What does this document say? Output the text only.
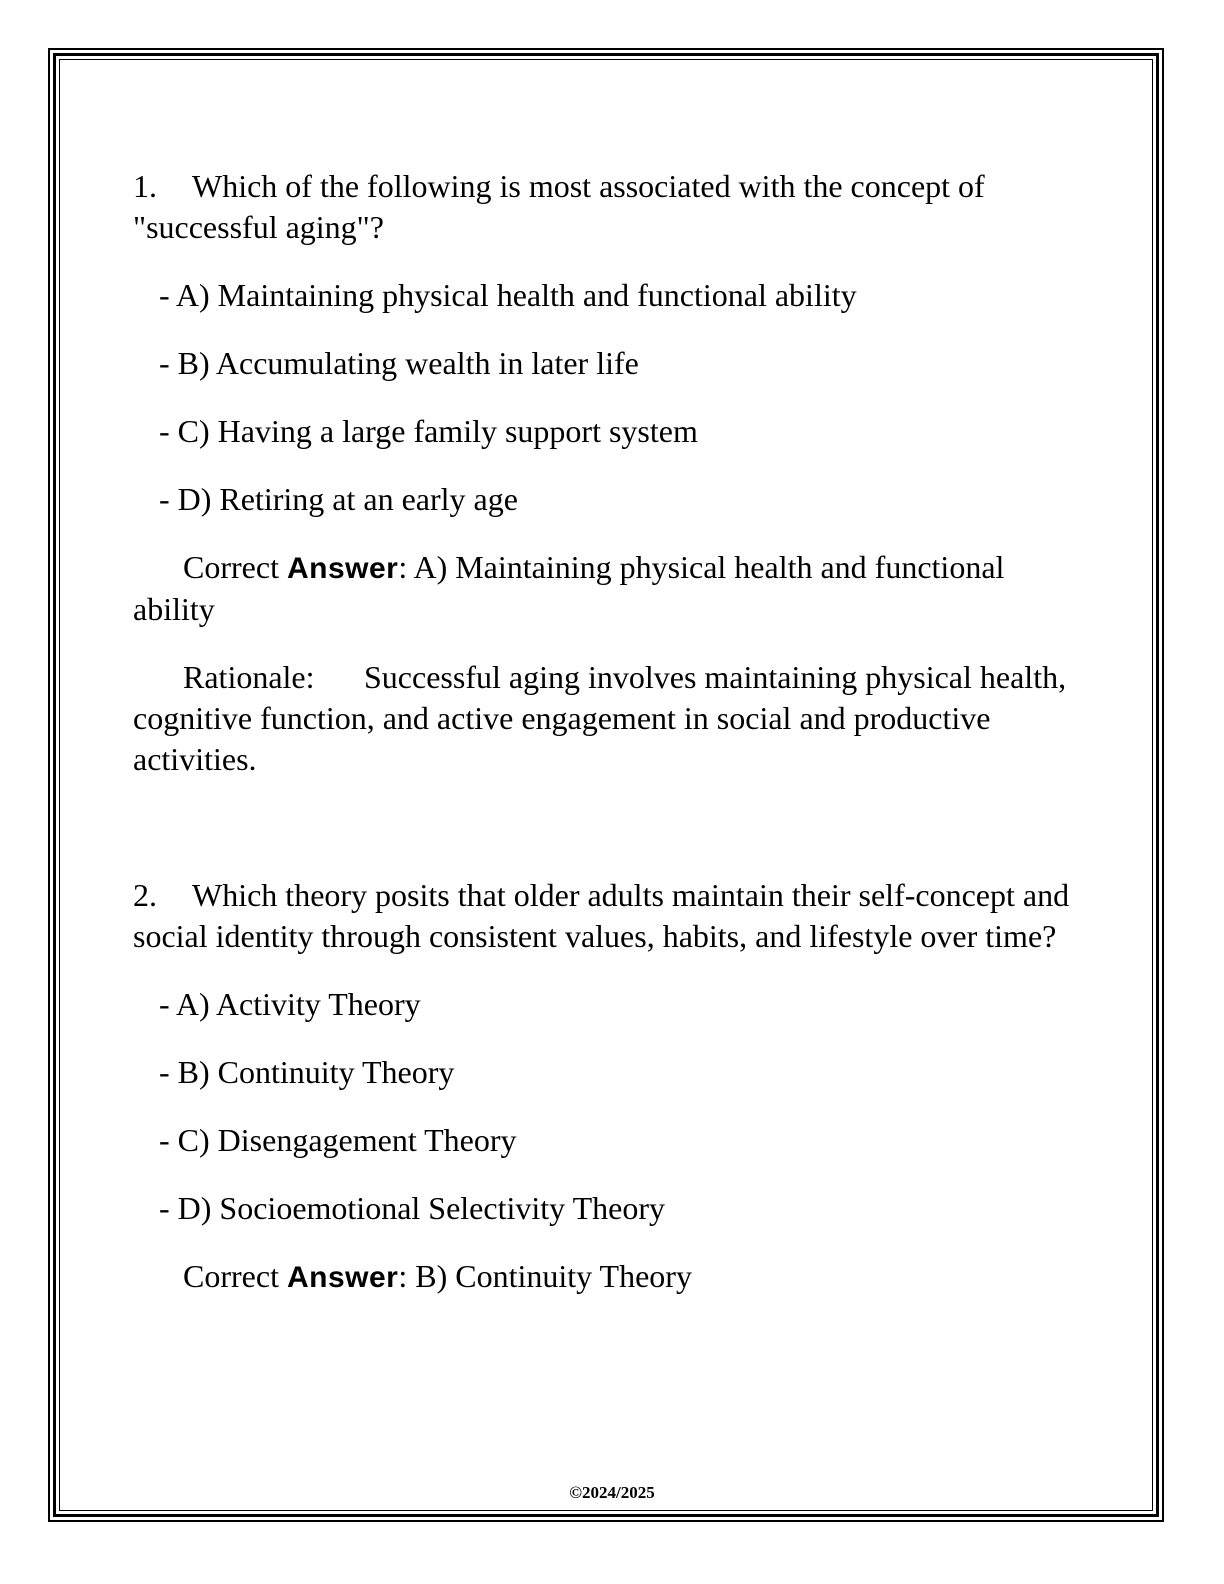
1. Which of the following is most associated with the concept of "successful aging"?

- A) Maintaining physical health and functional ability

- B) Accumulating wealth in later life

- C) Having a large family support system

- D) Retiring at an early age

Correct Answer: A) Maintaining physical health and functional ability

Rationale: Successful aging involves maintaining physical health, cognitive function, and active engagement in social and productive activities.

2. Which theory posits that older adults maintain their self-concept and social identity through consistent values, habits, and lifestyle over time?

- A) Activity Theory

- B) Continuity Theory

- C) Disengagement Theory

- D) Socioemotional Selectivity Theory

Correct Answer: B) Continuity Theory

©2024/2025
